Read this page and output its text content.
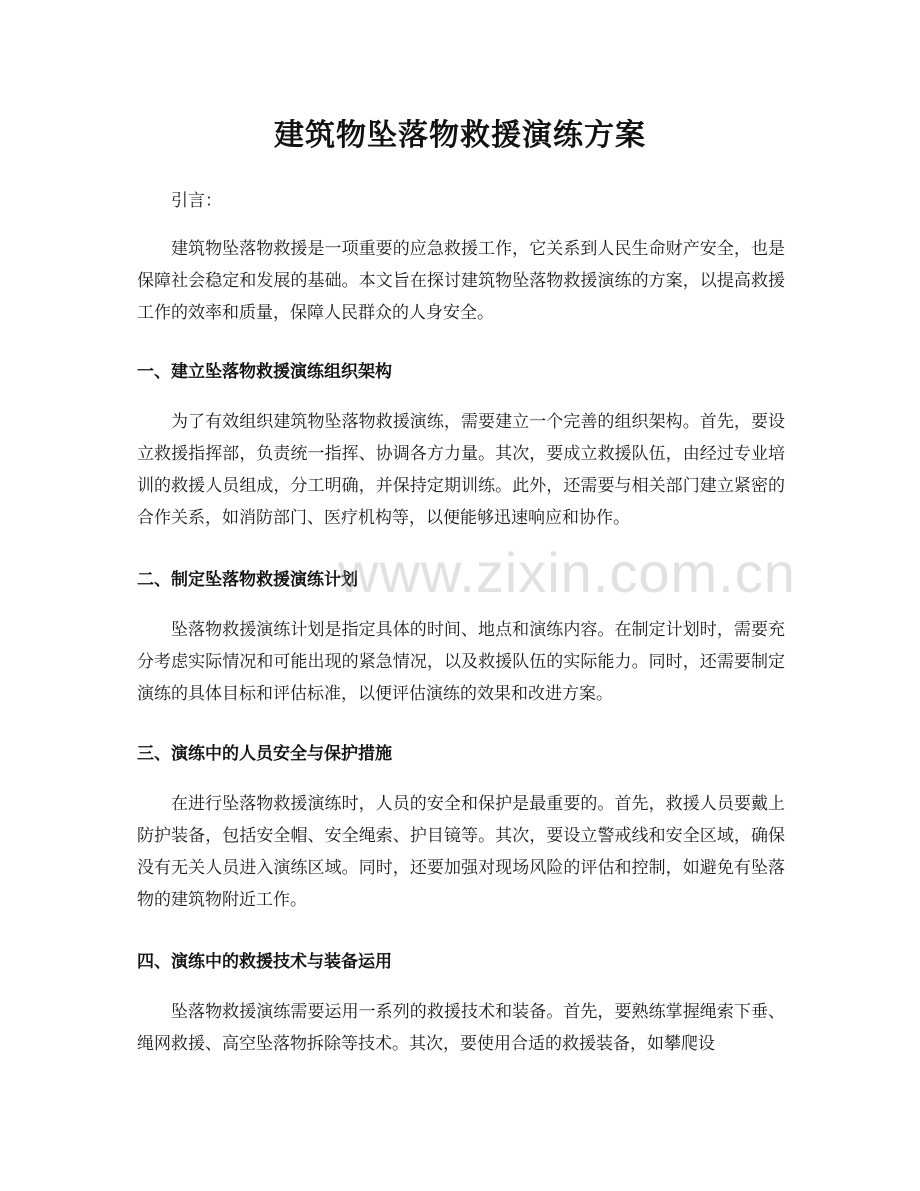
建筑物坠落物救援演练方案

引言：

建筑物坠落物救援是一项重要的应急救援工作，它关系到人民生命财产安全，也是保障社会稳定和发展的基础。本文旨在探讨建筑物坠落物救援演练的方案，以提高救援工作的效率和质量，保障人民群众的人身安全。

一、建立坠落物救援演练组织架构

为了有效组织建筑物坠落物救援演练，需要建立一个完善的组织架构。首先，要设立救援指挥部，负责统一指挥、协调各方力量。其次，要成立救援队伍，由经过专业培训的救援人员组成，分工明确，并保持定期训练。此外，还需要与相关部门建立紧密的合作关系，如消防部门、医疗机构等，以便能够迅速响应和协作。

二、制定坠落物救援演练计划

坠落物救援演练计划是指定具体的时间、地点和演练内容。在制定计划时，需要充分考虑实际情况和可能出现的紧急情况，以及救援队伍的实际能力。同时，还需要制定演练的具体目标和评估标准，以便评估演练的效果和改进方案。

三、演练中的人员安全与保护措施

在进行坠落物救援演练时，人员的安全和保护是最重要的。首先，救援人员要戴上防护装备，包括安全帽、安全绳索、护目镜等。其次，要设立警戒线和安全区域，确保没有无关人员进入演练区域。同时，还要加强对现场风险的评估和控制，如避免有坠落物的建筑物附近工作。

四、演练中的救援技术与装备运用

坠落物救援演练需要运用一系列的救援技术和装备。首先，要熟练掌握绳索下垂、绳网救援、高空坠落物拆除等技术。其次，要使用合适的救援装备，如攀爬设

www.zixin.com.cn
